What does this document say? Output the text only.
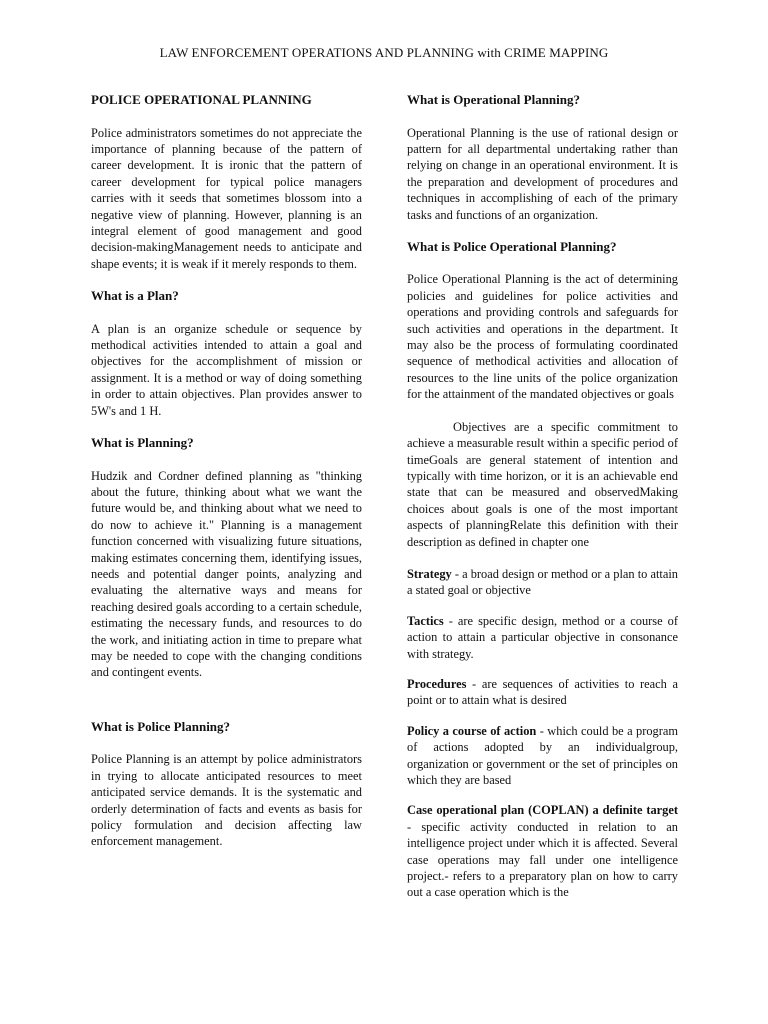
LAW ENFORCEMENT OPERATIONS AND PLANNING with CRIME MAPPING
POLICE OPERATIONAL PLANNING
Police administrators sometimes do not appreciate the importance of planning because of the pattern of career development. It is ironic that the pattern of career development for typical police managers carries with it seeds that sometimes blossom into a negative view of planning. However, planning is an integral element of good management and good decision-makingManagement needs to anticipate and shape events; it is weak if it merely responds to them.
What is a Plan?
A plan is an organize schedule or sequence by methodical activities intended to attain a goal and objectives for the accomplishment of mission or assignment. It is a method or way of doing something in order to attain objectives. Plan provides answer to 5W's and 1 H.
What is Planning?
Hudzik and Cordner defined planning as "thinking about the future, thinking about what we want the future would be, and thinking about what we need to do now to achieve it." Planning is a management function concerned with visualizing future situations, making estimates concerning them, identifying issues, needs and potential danger points, analyzing and evaluating the alternative ways and means for reaching desired goals according to a certain schedule, estimating the necessary funds, and resources to do the work, and initiating action in time to prepare what may be needed to cope with the changing conditions and contingent events.
What is Police Planning?
Police Planning is an attempt by police administrators in trying to allocate anticipated resources to meet anticipated service demands. It is the systematic and orderly determination of facts and events as basis for policy formulation and decision affecting law enforcement management.
What is Operational Planning?
Operational Planning is the use of rational design or pattern for all departmental undertaking rather than relying on change in an operational environment. It is the preparation and development of procedures and techniques in accomplishing of each of the primary tasks and functions of an organization.
What is Police Operational Planning?
Police Operational Planning is the act of determining policies and guidelines for police activities and operations and providing controls and safeguards for such activities and operations in the department. It may also be the process of formulating coordinated sequence of methodical activities and allocation of resources to the line units of the police organization for the attainment of the mandated objectives or goals
Objectives are a specific commitment to achieve a measurable result within a specific period of timeGoals are general statement of intention and typically with time horizon, or it is an achievable end state that can be measured and observedMaking choices about goals is one of the most important aspects of planningRelate this definition with their description as defined in chapter one
Strategy - a broad design or method or a plan to attain a stated goal or objective
Tactics - are specific design, method or a course of action to attain a particular objective in consonance with strategy.
Procedures - are sequences of activities to reach a point or to attain what is desired
Policy a course of action - which could be a program of actions adopted by an individualgroup, organization or government or the set of principles on which they are based
Case operational plan (COPLAN) a definite target - specific activity conducted in relation to an intelligence project under which it is affected. Several case operations may fall under one intelligence project.- refers to a preparatory plan on how to carry out a case operation which is the
